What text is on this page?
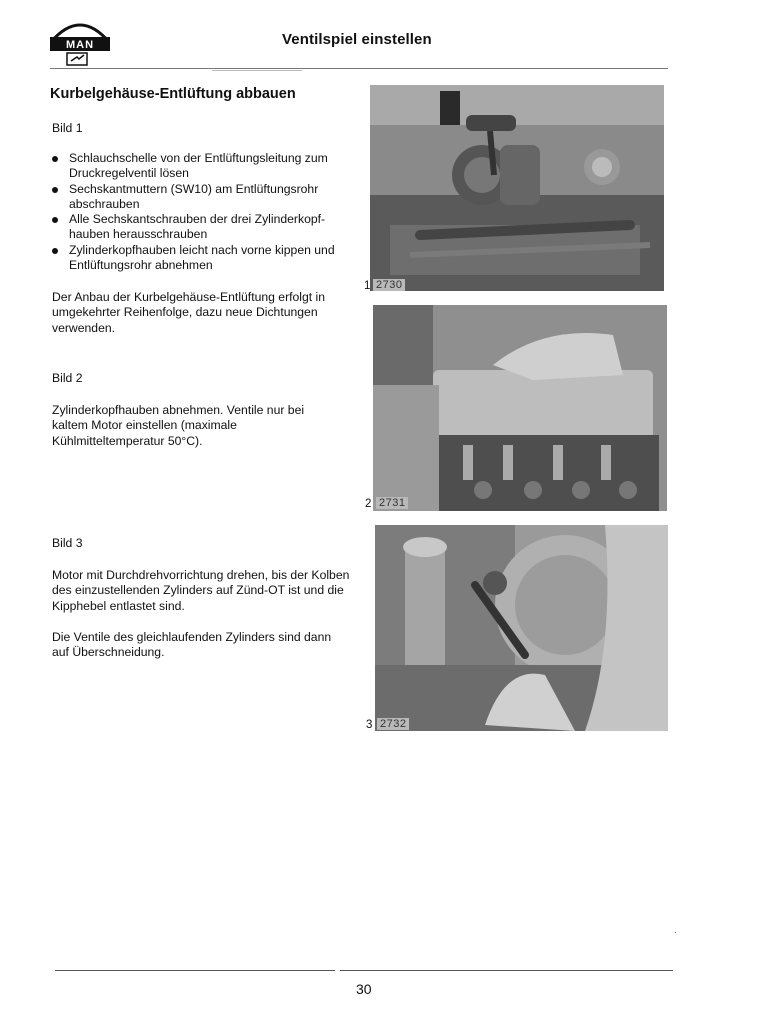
MAN	Ventilspiel einstellen
Kurbelgehäuse-Entlüftung abbauen
Bild 1
Schlauchschelle von der Entlüftungsleitung zum Druckregelventil lösen
Sechskantmuttern (SW10) am Entlüftungsrohr abschrauben
Alle Sechskantschrauben der drei Zylinderkopf-hauben herausschrauben
Zylinderkopfhauben leicht nach vorne kippen und Entlüftungsrohr abnehmen
Der Anbau der Kurbelgehäuse-Entlüftung erfolgt in umgekehrter Reihenfolge, dazu neue Dichtungen verwenden.
Bild 2
Zylinderkopfhauben abnehmen. Ventile nur bei kaltem Motor einstellen (maximale Kühlmitteltemperatur 50°C).
Bild 3
Motor mit Durchdrehvorrichtung drehen, bis der Kolben des einzustellenden Zylinders auf Zünd-OT ist und die Kipphebel entlastet sind.
Die Ventile des gleichlaufenden Zylinders sind dann auf Überschneidung.
1 2730
2 2731
3 2732
·
30
